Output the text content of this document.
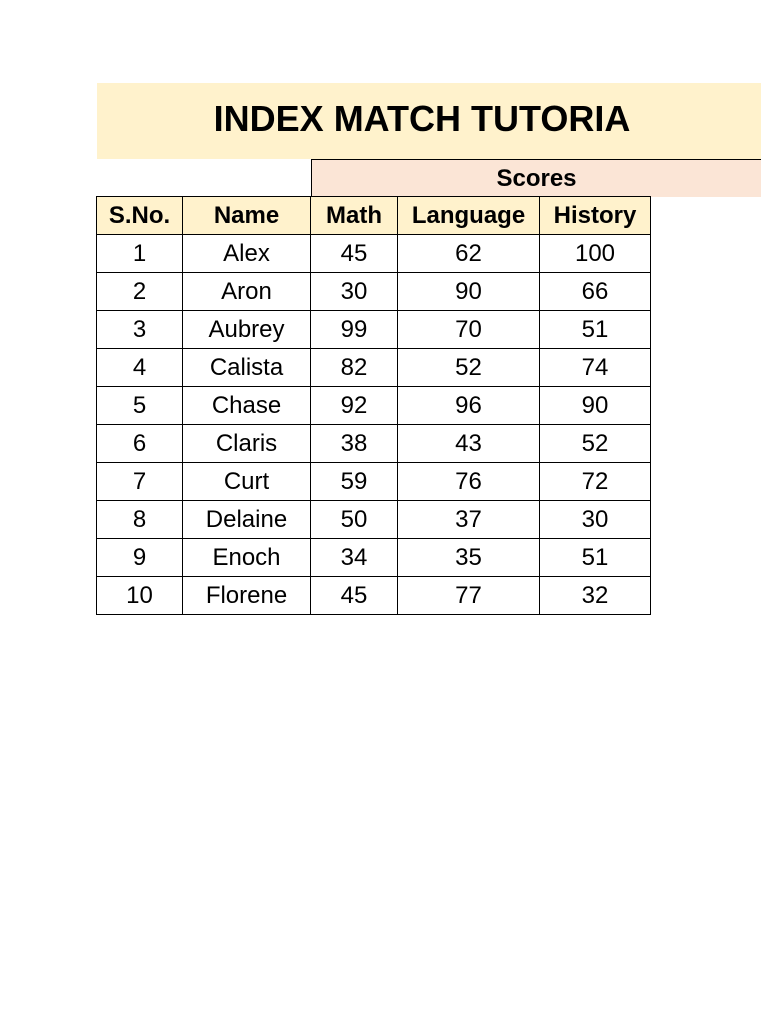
INDEX MATCH TUTORIA
Scores
S.No.	Name	Math	Language	History
1	Alex	45	62	100
2	Aron	30	90	66
3	Aubrey	99	70	51
4	Calista	82	52	74
5	Chase	92	96	90
6	Claris	38	43	52
7	Curt	59	76	72
8	Delaine	50	37	30
9	Enoch	34	35	51
10	Florene	45	77	32
